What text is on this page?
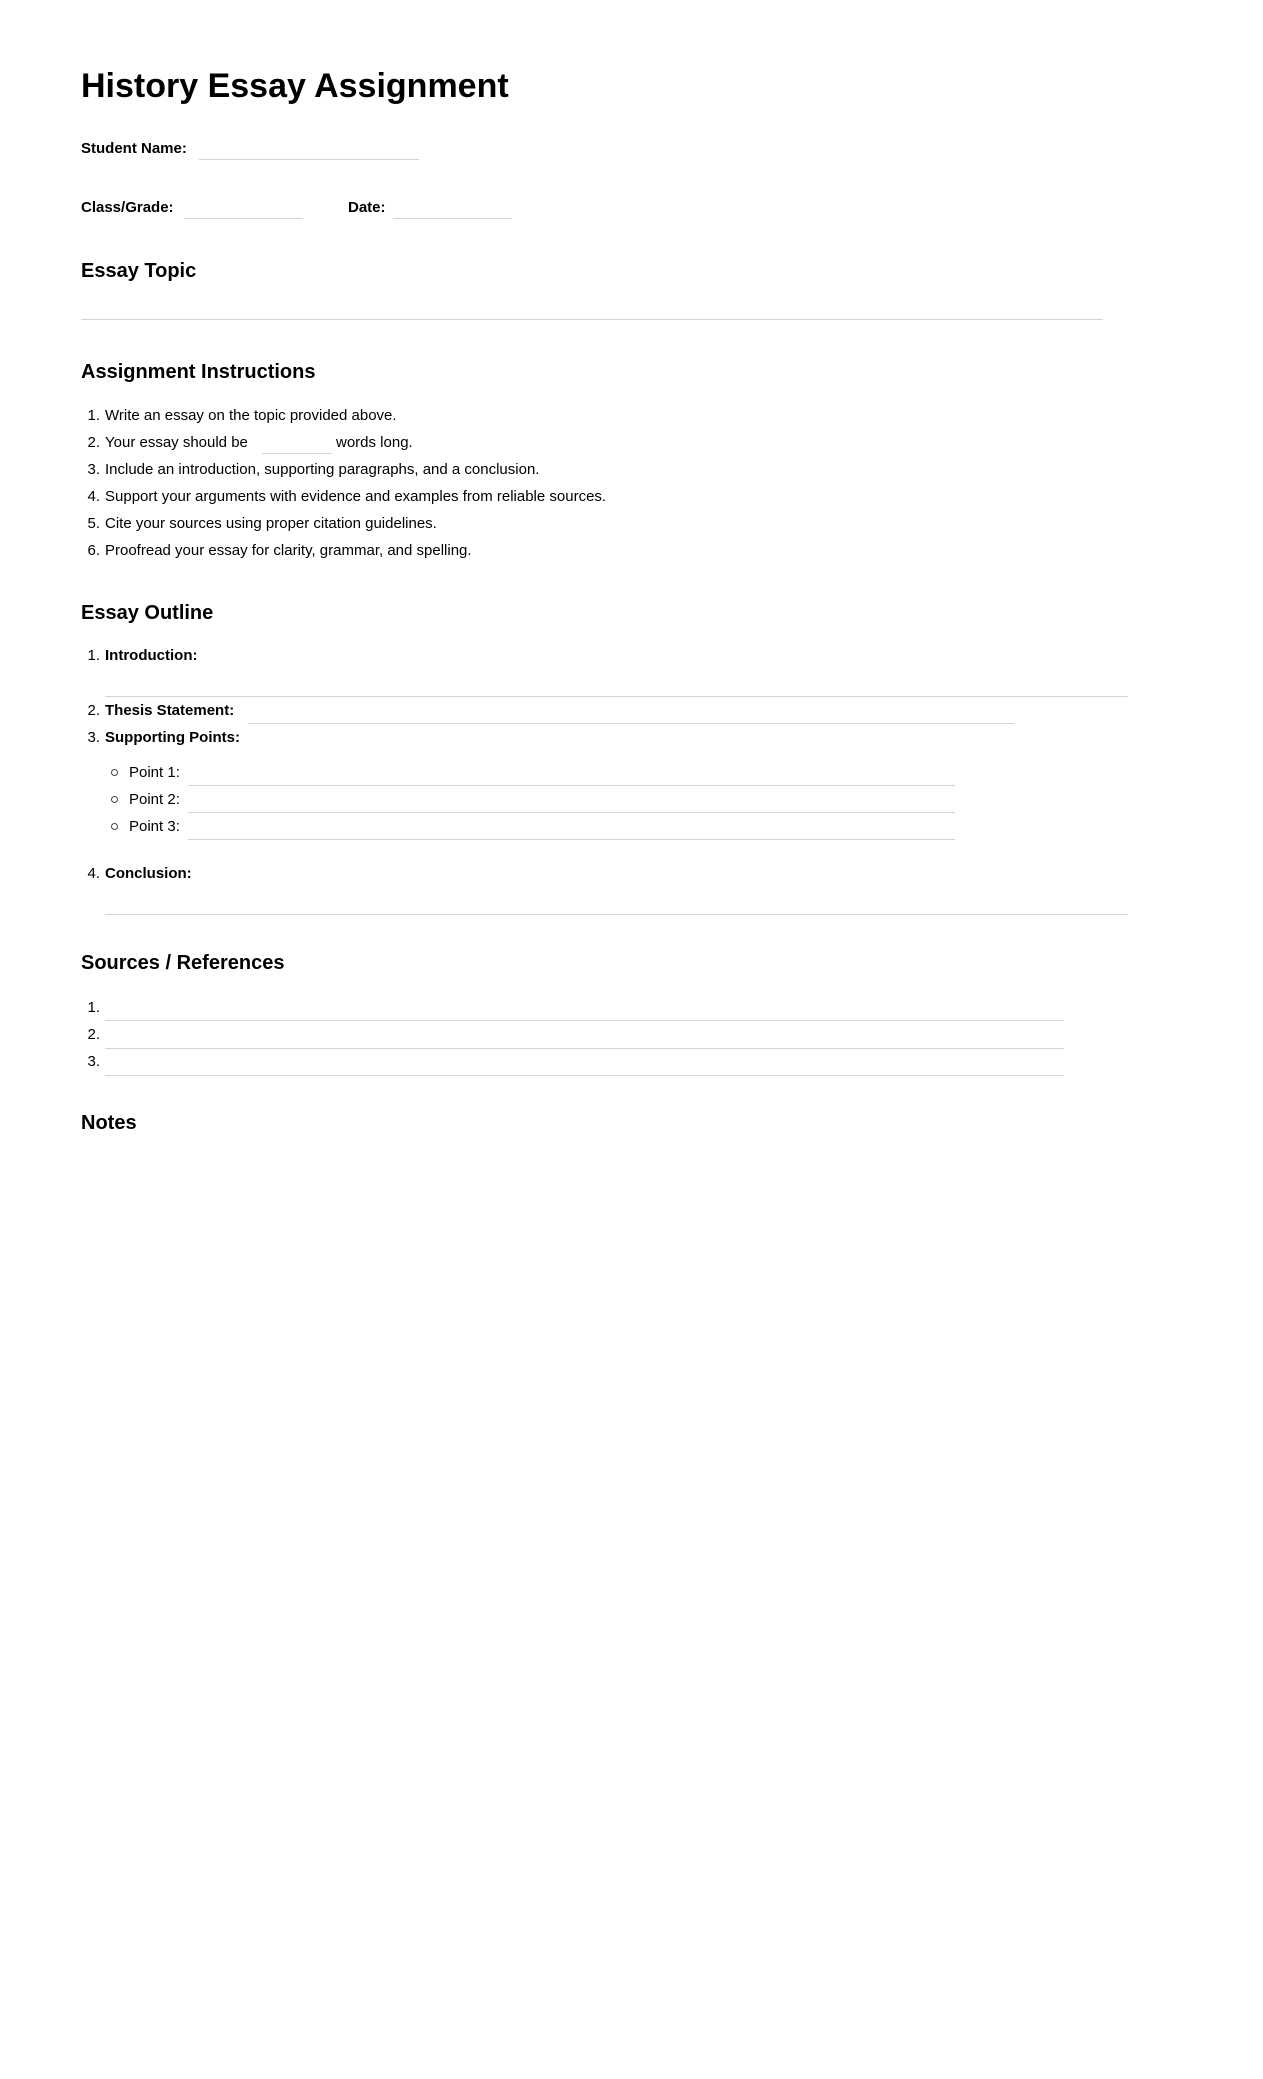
History Essay Assignment
Student Name:
Class/Grade:	Date:
Essay Topic
Assignment Instructions
1. Write an essay on the topic provided above.
2. Your essay should be	words long.
3. Include an introduction, supporting paragraphs, and a conclusion.
4. Support your arguments with evidence and examples from reliable sources.
5. Cite your sources using proper citation guidelines.
6. Proofread your essay for clarity, grammar, and spelling.
Essay Outline
1. Introduction:
2. Thesis Statement:
3. Supporting Points:
Point 1:
Point 2:
Point 3:
4. Conclusion:
Sources / References
1.
2.
3.
Notes
